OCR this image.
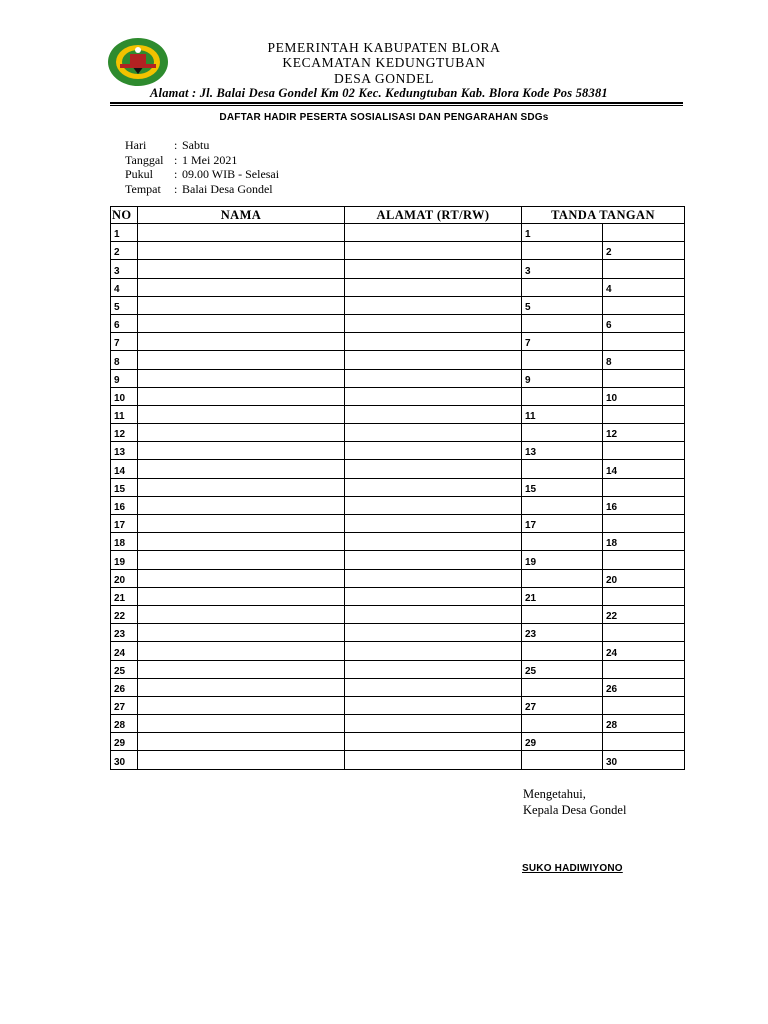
PEMERINTAH KABUPATEN BLORA
KECAMATAN KEDUNGTUBAN
DESA GONDEL
Alamat : Jl. Balai Desa Gondel Km 02 Kec. Kedungtuban Kab. Blora Kode Pos 58381
DAFTAR HADIR PESERTA SOSIALISASI DAN PENGARAHAN SDGs
Hari	: Sabtu
Tanggal : 1 Mei 2021
Pukul	: 09.00 WIB - Selesai
Tempat	: Balai Desa Gondel
NO	NAMA	ALAMAT (RT/RW)	TANDA TANGAN	
1			1	
2				2
3			3	
4				4
5			5	
6				6
7			7	
8				8
9			9	
10				10
11			11	
12				12
13			13	
14				14
15			15	
16				16
17			17	
18				18
19			19	
20				20
21			21	
22				22
23			23	
24				24
25			25	
26				26
27			27	
28				28
29			29	
30				30
Mengetahui,
Kepala Desa Gondel
SUKO HADIWIYONO
